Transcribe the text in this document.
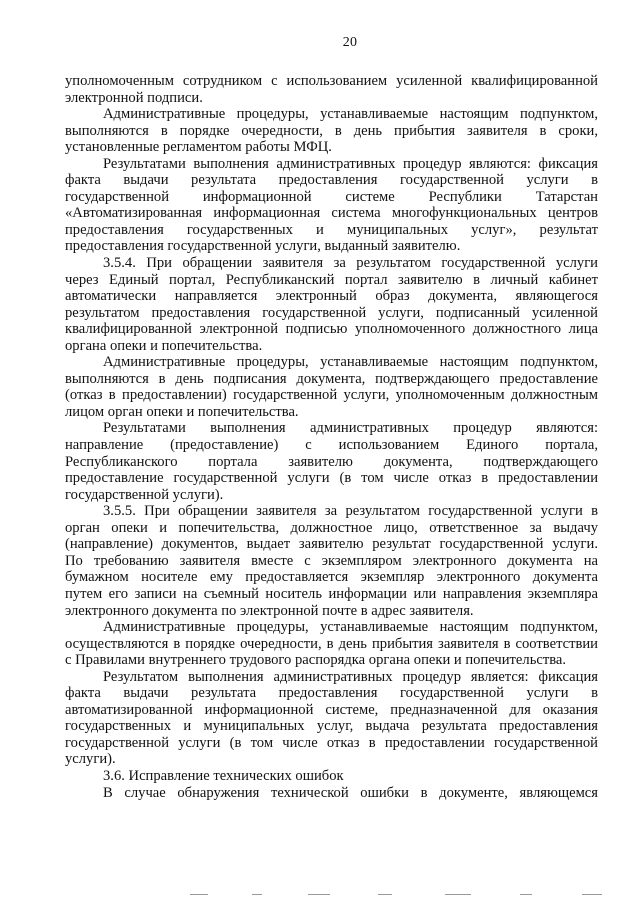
20
уполномоченным сотрудником с использованием усиленной квалифицированной
электронной подписи.
Административные процедуры, устанавливаемые настоящим подпунктом,
выполняются в порядке очередности, в день прибытия заявителя в сроки,
установленные регламентом работы МФЦ.
Результатами выполнения административных процедур являются: фиксация
факта выдачи результата предоставления государственной услуги в
государственной информационной системе Республики Татарстан
«Автоматизированная информационная система многофункциональных центров
предоставления государственных и муниципальных услуг», результат
предоставления государственной услуги, выданный заявителю.
3.5.4. При обращении заявителя за результатом государственной услуги
через Единый портал, Республиканский портал заявителю в личный кабинет
автоматически направляется электронный образ документа, являющегося
результатом предоставления государственной услуги, подписанный усиленной
квалифицированной электронной подписью уполномоченного должностного лица
органа опеки и попечительства.
Административные процедуры, устанавливаемые настоящим подпунктом,
выполняются в день подписания документа, подтверждающего предоставление
(отказ в предоставлении) государственной услуги, уполномоченным должностным
лицом орган опеки и попечительства.
Результатами выполнения административных процедур являются:
направление (предоставление) с использованием Единого портала,
Республиканского портала заявителю документа, подтверждающего
предоставление государственной услуги (в том числе отказ в предоставлении
государственной услуги).
3.5.5. При обращении заявителя за результатом государственной услуги в
орган опеки и попечительства, должностное лицо, ответственное за выдачу
(направление) документов, выдает заявителю результат государственной услуги.
По требованию заявителя вместе с экземпляром электронного документа на
бумажном носителе ему предоставляется экземпляр электронного документа
путем его записи на съемный носитель информации или направления экземпляра
электронного документа по электронной почте в адрес заявителя.
Административные процедуры, устанавливаемые настоящим подпунктом,
осуществляются в порядке очередности, в день прибытия заявителя в соответствии
с Правилами внутреннего трудового распорядка органа опеки и попечительства.
Результатом выполнения административных процедур является: фиксация
факта выдачи результата предоставления государственной услуги в
автоматизированной информационной системе, предназначенной для оказания
государственных и муниципальных услуг, выдача результата предоставления
государственной услуги (в том числе отказ в предоставлении государственной
услуги).
3.6. Исправление технических ошибок
В случае обнаружения технической ошибки в документе, являющемся
